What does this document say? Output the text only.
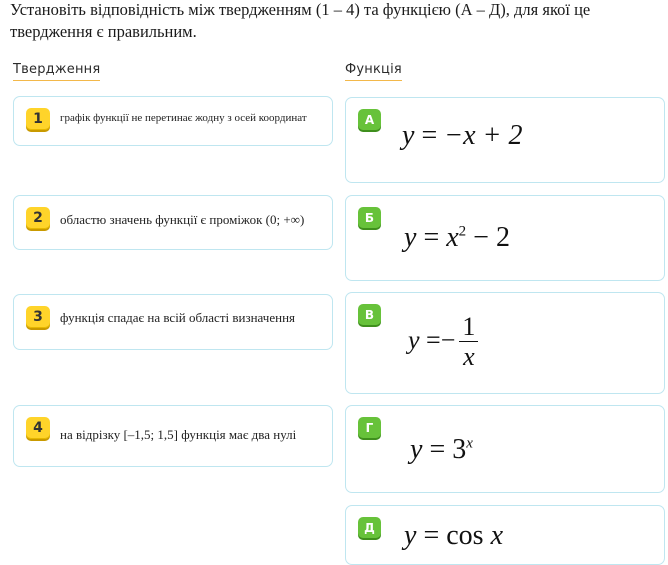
Установіть відповідність між твердженням (1 – 4) та функцією (А – Д), для якої це
твердження є правильним.
Твердження	Функція
1	графік функції не перетинає жодну з осей координат
2	областю значень функції є проміжок (0; +∞)
3	функція спадає на всій області визначення
4	на відрізку [–1,5; 1,5] функція має два нулі
А
y = −x + 2
Б
$y = x^2 - 2$
В
$y =- \frac{1}{x}$
Г
$y = 3^x$
Д y = cos x
